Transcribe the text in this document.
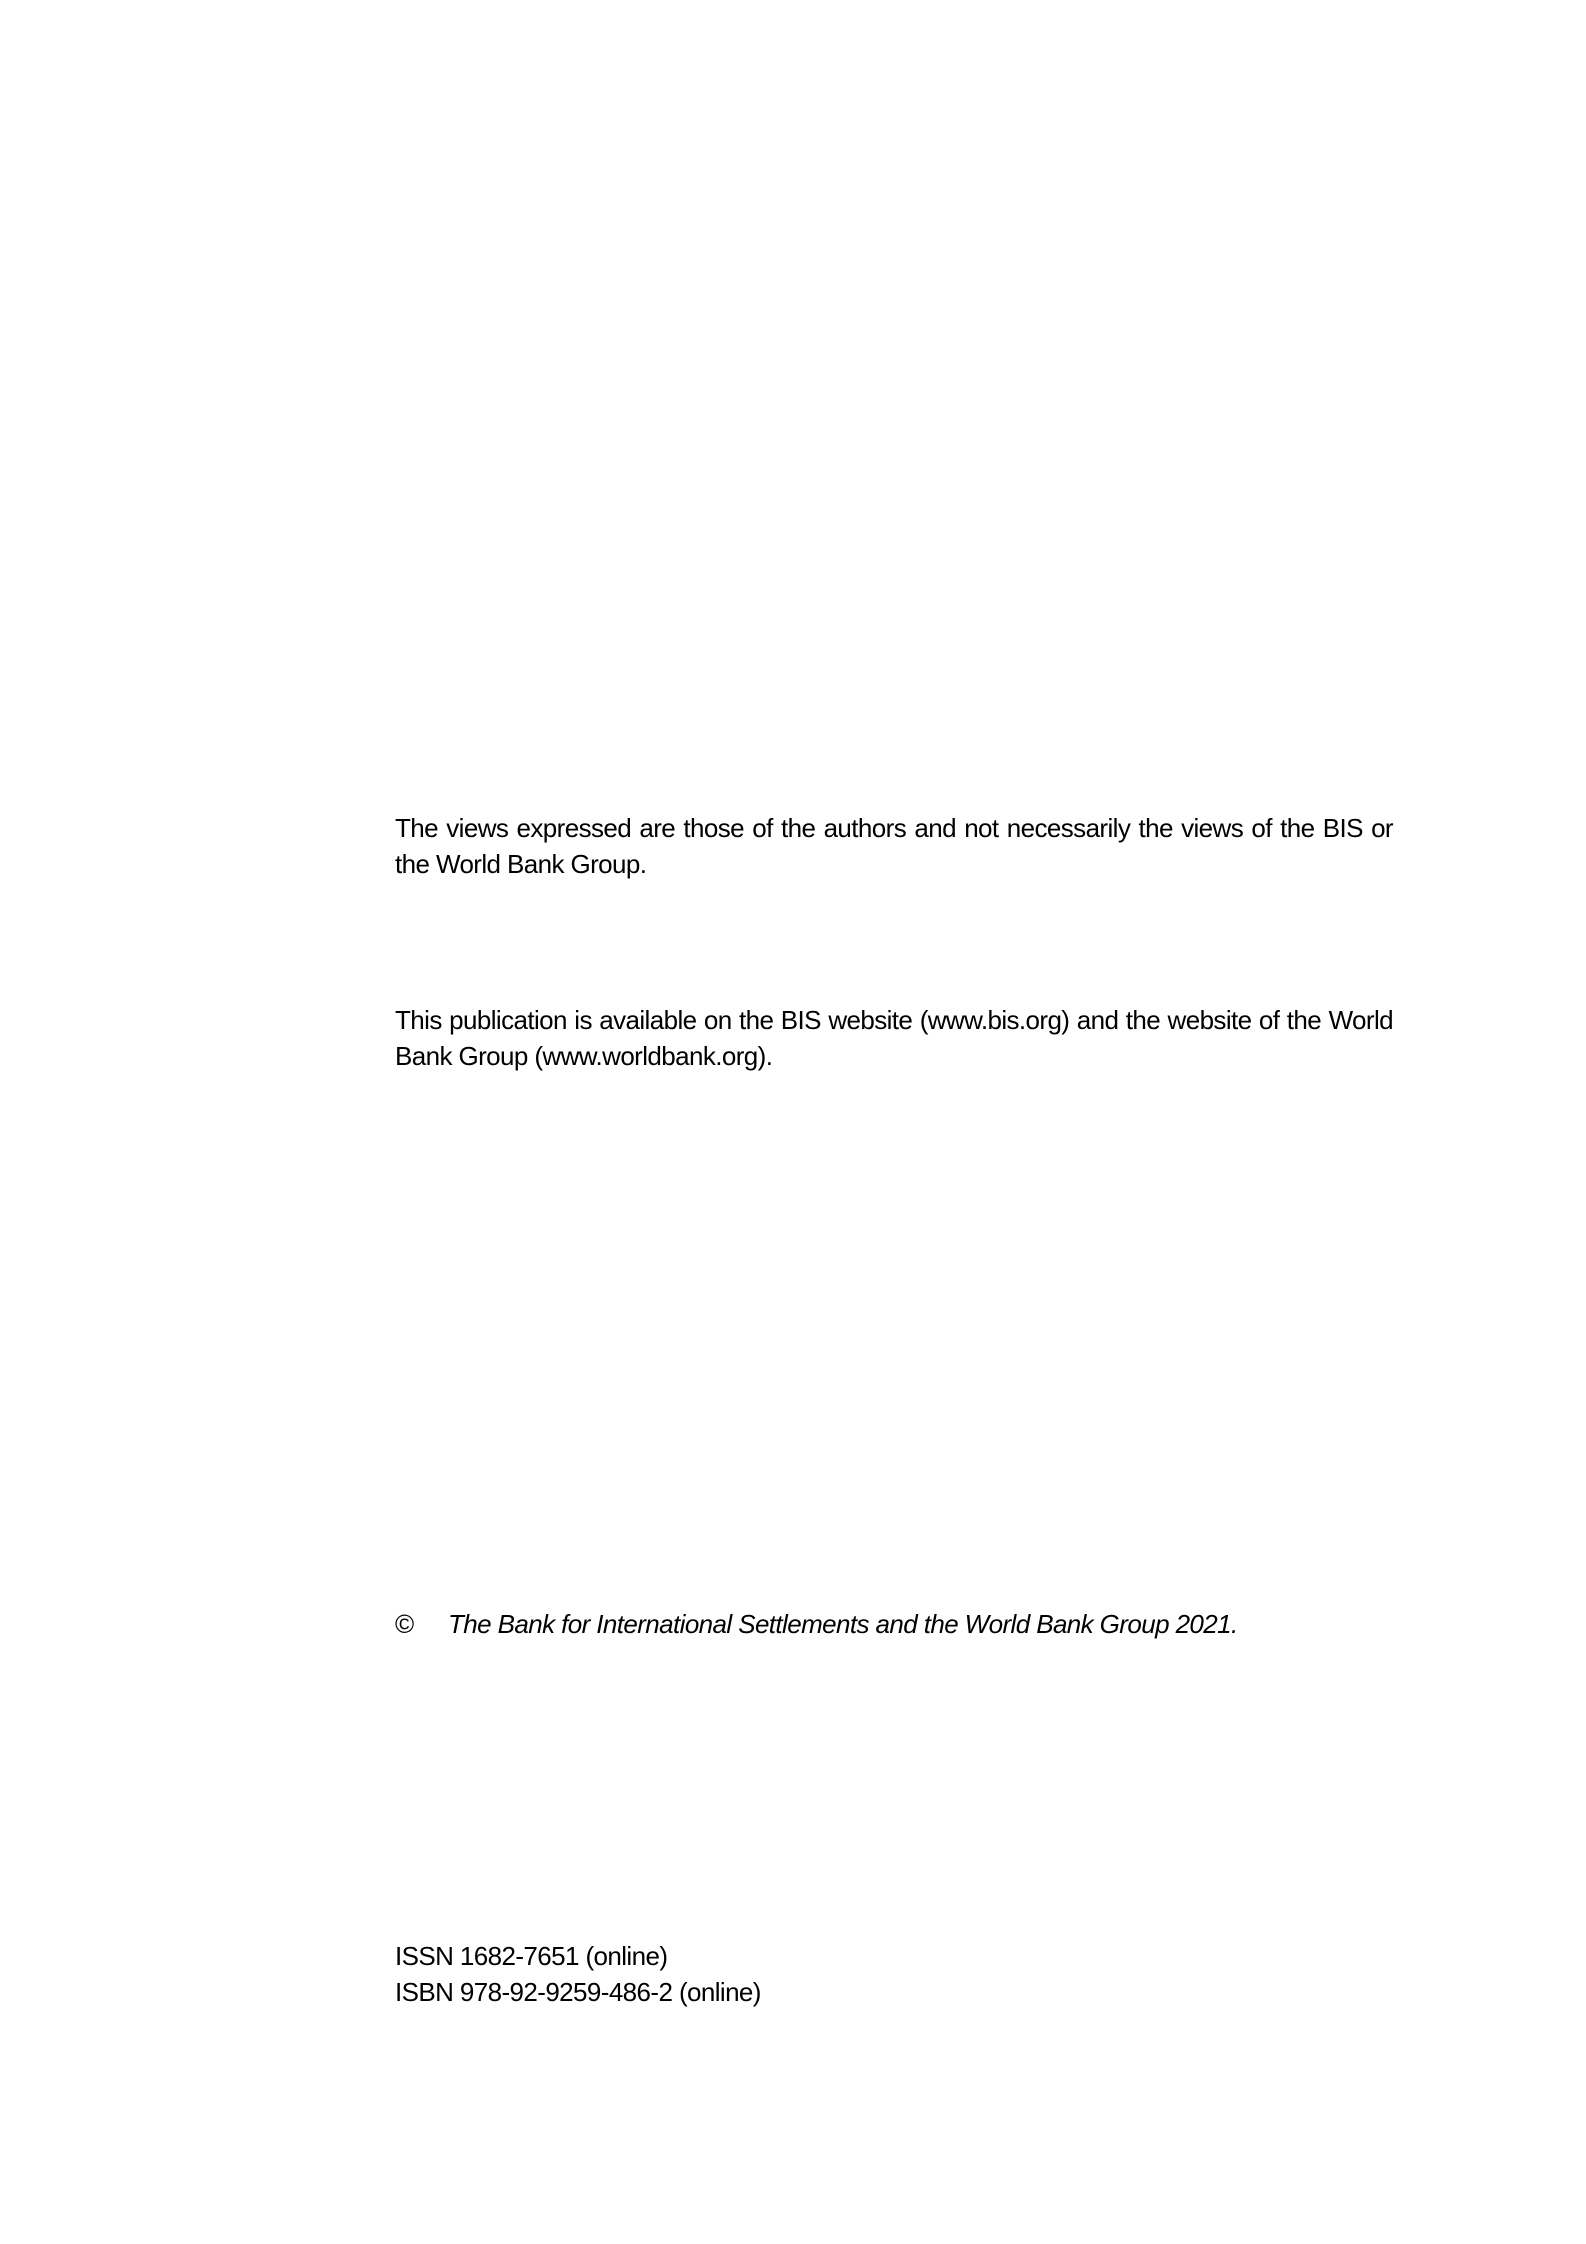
The views expressed are those of the authors and not necessarily the views of the BIS or the World Bank Group.

This publication is available on the BIS website (www.bis.org) and the website of the World Bank Group (www.worldbank.org).

© The Bank for International Settlements and the World Bank Group 2021.

ISSN 1682-7651 (online)
ISBN 978-92-9259-486-2 (online)
